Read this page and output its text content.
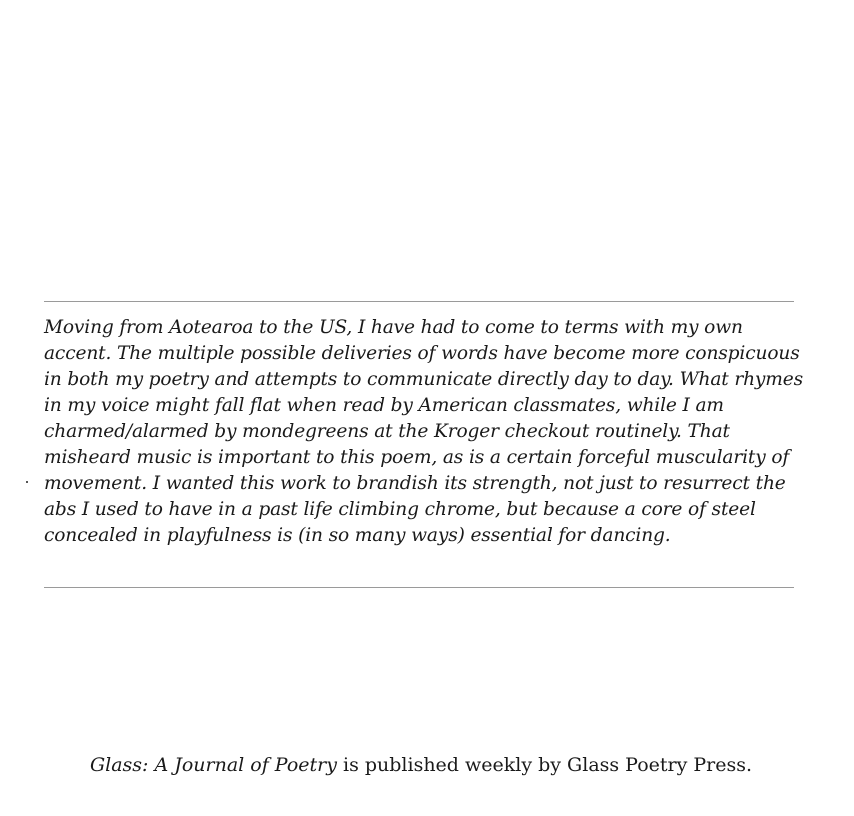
Moving from Aotearoa to the US, I have had to come to terms with my own accent. The multiple possible deliveries of words have become more conspicuous in both my poetry and attempts to communicate directly day to day. What rhymes in my voice might fall flat when read by American classmates, while I am charmed/alarmed by mondegreens at the Kroger checkout routinely. That misheard music is important to this poem, as is a certain forceful muscularity of movement. I wanted this work to brandish its strength, not just to resurrect the abs I used to have in a past life climbing chrome, but because a core of steel concealed in playfulness is (in so many ways) essential for dancing.

Glass: A Journal of Poetry is published weekly by Glass Poetry Press.
